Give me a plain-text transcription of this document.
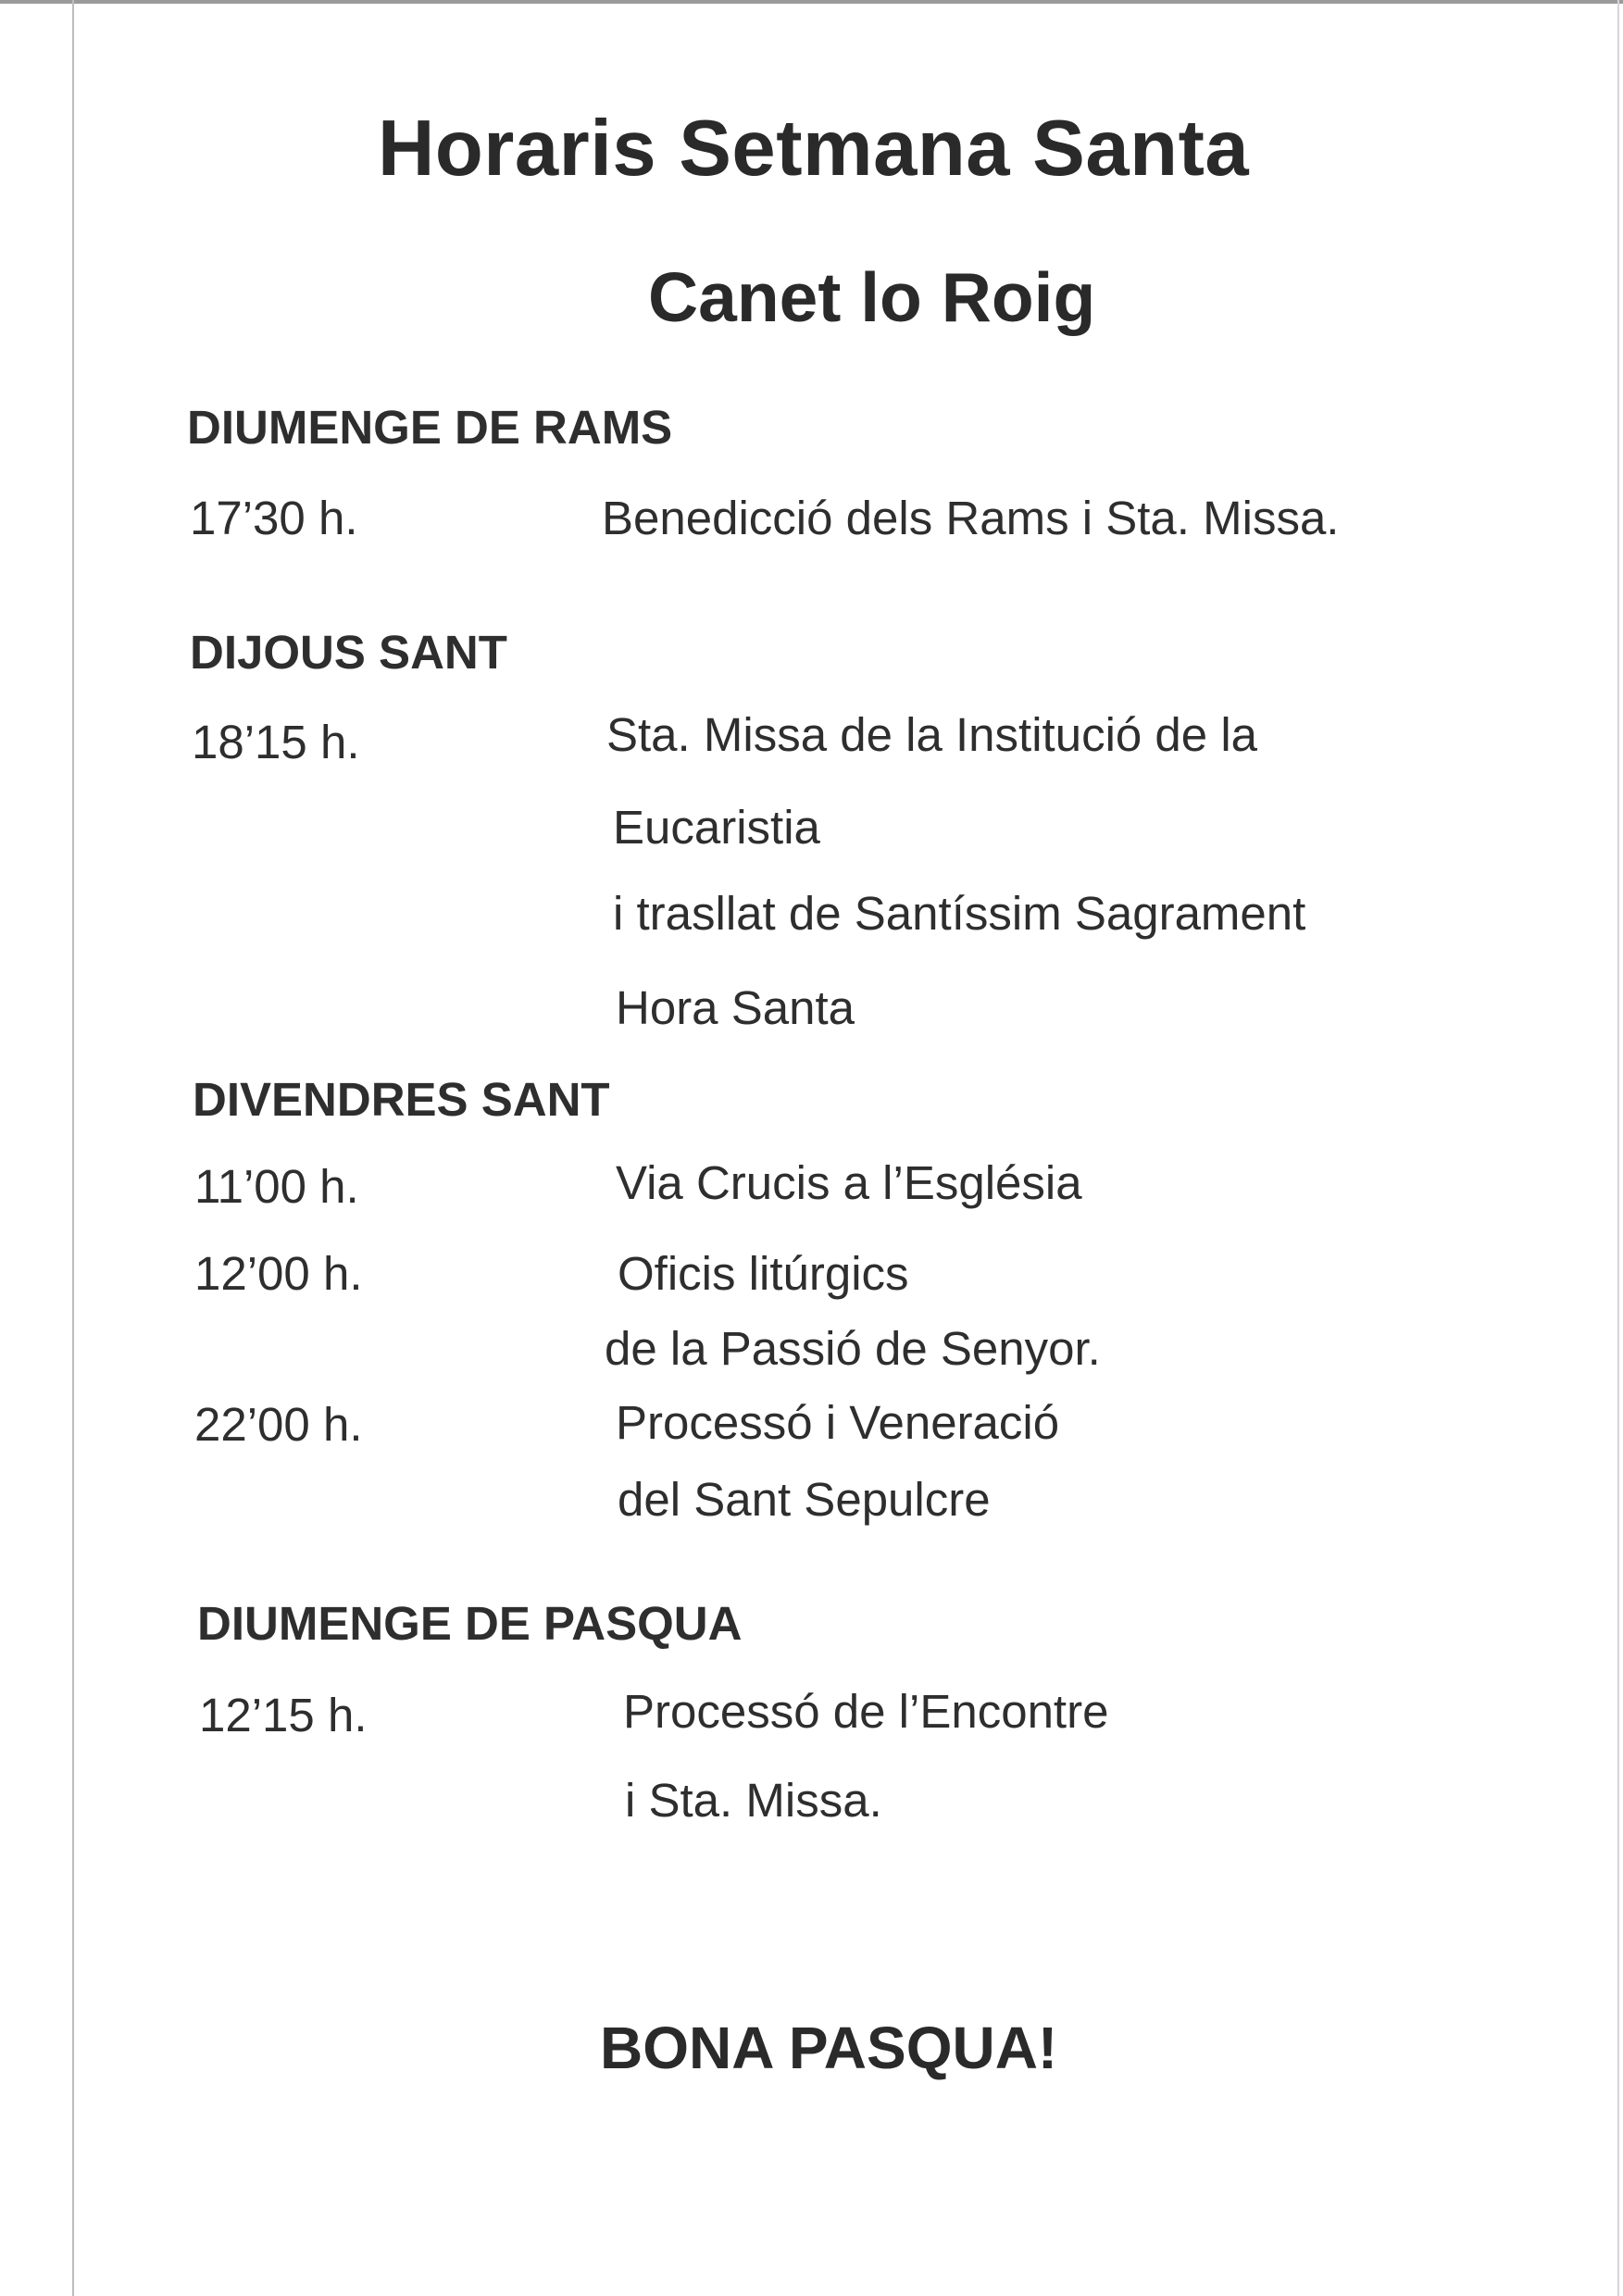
Horaris Setmana Santa
Canet lo Roig
DIUMENGE DE RAMS
17’30 h.	Benedicció dels Rams i Sta. Missa.
DIJOUS SANT
18’15 h.	Sta. Missa de la Institució de la
Eucaristia
i trasllat de Santíssim Sagrament
Hora Santa
DIVENDRES SANT
11’00 h.	Via Crucis a l’Església
12’00 h.	Oficis litúrgics
de la Passió de Senyor.
22’00 h.	Processó i Veneració
del Sant Sepulcre
DIUMENGE DE PASQUA
12’15 h.	Processó de l’Encontre
i Sta. Missa.
BONA PASQUA!
